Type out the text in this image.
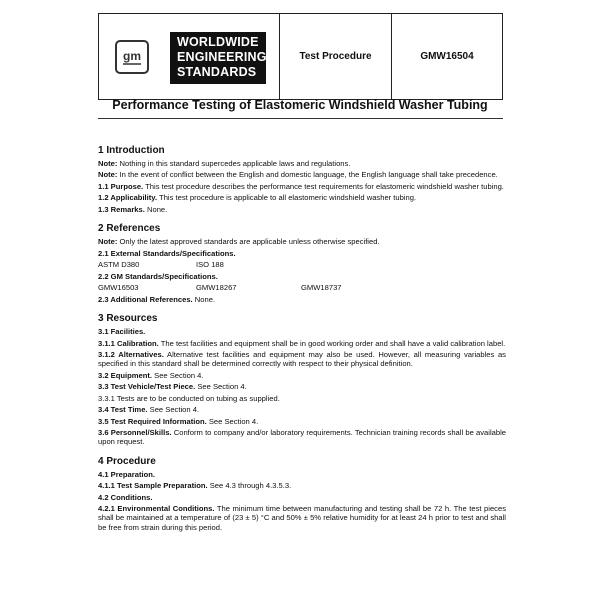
gm
WORLDWIDE
ENGINEERING
STANDARDS
Test Procedure	GMW16504
Performance Testing of Elastomeric Windshield Washer Tubing
1 Introduction

Note: Nothing in this standard supercedes applicable laws and regulations.

Note: In the event of conflict between the English and domestic language, the English language shall take precedence.

1.1 Purpose. This test procedure describes the performance test requirements for elastomeric windshield washer tubing.

1.2 Applicability. This test procedure is applicable to all elastomeric windshield washer tubing.

1.3 Remarks. None.

2 References

Note: Only the latest approved standards are applicable unless otherwise specified.

2.1 External Standards/Specifications.

ASTM D380	ISO 188

2.2 GM Standards/Specifications.

GMW16503	GMW18267	GMW18737

2.3 Additional References. None.

3 Resources

3.1 Facilities.

3.1.1 Calibration. The test facilities and equipment shall be in good working order and shall have a valid calibration label.

3.1.2 Alternatives. Alternative test facilities and equipment may also be used. However, all measuring variables as specified in this standard shall be determined correctly with respect to their physical definition.

3.2 Equipment. See Section 4.

3.3 Test Vehicle/Test Piece. See Section 4.

3.3.1 Tests are to be conducted on tubing as supplied.

3.4 Test Time. See Section 4.

3.5 Test Required Information. See Section 4.

3.6 Personnel/Skills. Conform to company and/or laboratory requirements. Technician training records shall be available upon request.

4 Procedure

4.1 Preparation.

4.1.1 Test Sample Preparation. See 4.3 through 4.3.5.3.

4.2 Conditions.

4.2.1 Environmental Conditions. The minimum time between manufacturing and testing shall be 72 h. The test pieces shall be maintained at a temperature of (23 ± 5) °C and 50% ± 5% relative humidity for at least 24 h prior to test and shall be free from strain during this period.
